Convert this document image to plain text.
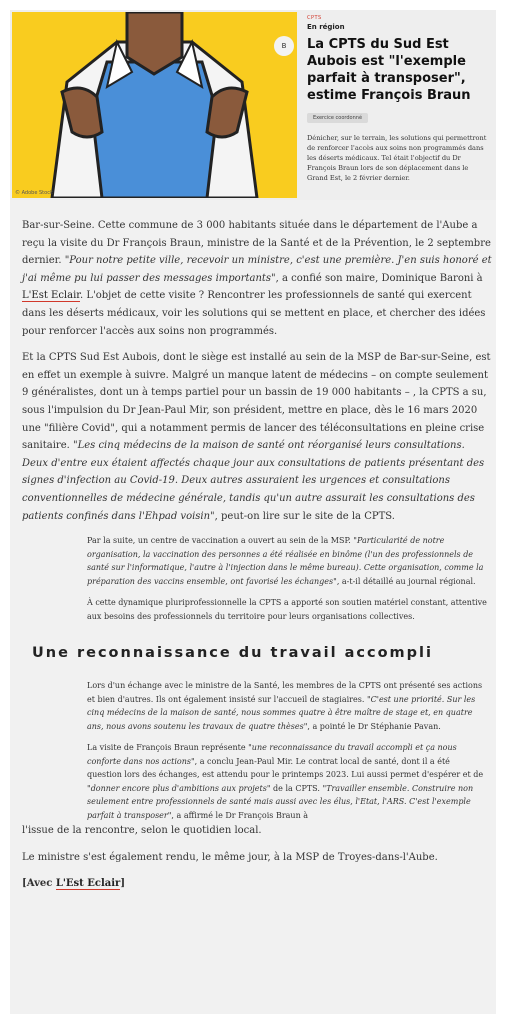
B
© Adobe Stock
CPTS
En région
La CPTS du Sud Est Aubois est "l'exemple parfait à transposer", estime François Braun
Exercice coordonné
Dénicher, sur le terrain, les solutions qui permettront de renforcer l'accès aux soins non programmés dans les déserts médicaux. Tel était l'objectif du Dr François Braun lors de son déplacement dans le Grand Est, le 2 février dernier.

Bar-sur-Seine. Cette commune de 3 000 habitants située dans le département de l'Aube a reçu la visite du Dr François Braun, ministre de la Santé et de la Prévention, le 2 septembre dernier. "Pour notre petite ville, recevoir un ministre, c'est une première. J'en suis honoré et j'ai même pu lui passer des messages importants", a confié son maire, Dominique Baroni à L'Est Eclair. L'objet de cette visite ? Rencontrer les professionnels de santé qui exercent dans les déserts médicaux, voir les solutions qui se mettent en place, et chercher des idées pour renforcer l'accès aux soins non programmés.

Et la CPTS Sud Est Aubois, dont le siège est installé au sein de la MSP de Bar-sur-Seine, est en effet un exemple à suivre. Malgré un manque latent de médecins – on compte seulement 9 généralistes, dont un à temps partiel pour un bassin de 19 000 habitants – , la CPTS a su, sous l'impulsion du Dr Jean-Paul Mir, son président, mettre en place, dès le 16 mars 2020 une "filière Covid", qui a notamment permis de lancer des téléconsultations en pleine crise sanitaire. "Les cinq médecins de la maison de santé ont réorganisé leurs consultations. Deux d'entre eux étaient affectés chaque jour aux consultations de patients présentant des signes d'infection au Covid-19. Deux autres assuraient les urgences et consultations conventionnelles de médecine générale, tandis qu'un autre assurait les consultations des patients confinés dans l'Ehpad voisin", peut-on lire sur le site de la CPTS.

Par la suite, un centre de vaccination a ouvert au sein de la MSP. "Particularité de notre organisation, la vaccination des personnes a été réalisée en binôme (l'un des professionnels de santé sur l'informatique, l'autre à l'injection dans le même bureau). Cette organisation, comme la préparation des vaccins ensemble, ont favorisé les échanges", a-t-il détaillé au journal régional.

À cette dynamique pluriprofessionnelle la CPTS a apporté son soutien matériel constant, attentive aux besoins des professionnels du territoire pour leurs organisations collectives.

Une reconnaissance du travail accompli

Lors d'un échange avec le ministre de la Santé, les membres de la CPTS ont présenté ses actions et bien d'autres. Ils ont également insisté sur l'accueil de stagiaires. "C'est une priorité. Sur les cinq médecins de la maison de santé, nous sommes quatre à être maître de stage et, en quatre ans, nous avons soutenu les travaux de quatre thèses", a pointé le Dr Stéphanie Pavan.

La visite de François Braun représente "une reconnaissance du travail accompli et ça nous conforte dans nos actions", a conclu Jean-Paul Mir. Le contrat local de santé, dont il a été question lors des échanges, est attendu pour le printemps 2023. Lui aussi permet d'espérer et de "donner encore plus d'ambitions aux projets" de la CPTS. "Travailler ensemble. Construire non seulement entre professionnels de santé mais aussi avec les élus, l'Etat, l'ARS. C'est l'exemple parfait à transposer", a affirmé le Dr François Braun à

l'issue de la rencontre, selon le quotidien local.

Le ministre s'est également rendu, le même jour, à la MSP de Troyes-dans-l'Aube.

[Avec L'Est Eclair]
